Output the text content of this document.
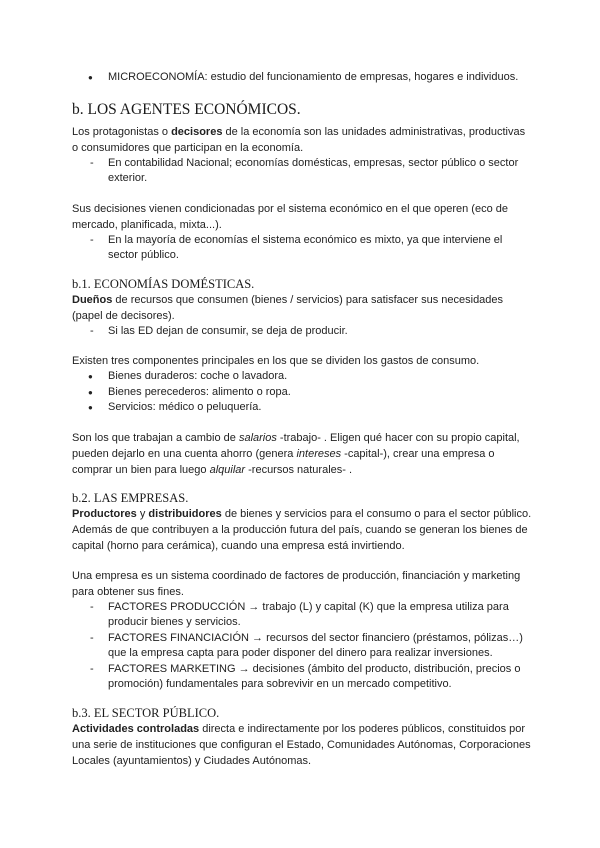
● MICROECONOMÍA: estudio del funcionamiento de empresas, hogares e individuos.
b. LOS AGENTES ECONÓMICOS.

Los protagonistas o decisores de la economía son las unidades administrativas, productivas o consumidores que participan en la economía.

- En contabilidad Nacional; economías domésticas, empresas, sector público o sector exterior.

Sus decisiones vienen condicionadas por el sistema económico en el que operen (eco de mercado, planificada, mixta...).

- En la mayoría de economías el sistema económico es mixto, ya que interviene el sector público.
b.1. ECONOMÍAS DOMÉSTICAS.

Dueños de recursos que consumen (bienes / servicios) para satisfacer sus necesidades (papel de decisores).

- Si las ED dejan de consumir, se deja de producir.

Existen tres componentes principales en los que se dividen los gastos de consumo.

● Bienes duraderos: coche o lavadora.
● Bienes perecederos: alimento o ropa.
● Servicios: médico o peluquería.

Son los que trabajan a cambio de salarios -trabajo- . Eligen qué hacer con su propio capital, pueden dejarlo en una cuenta ahorro (genera intereses -capital-), crear una empresa o comprar un bien para luego alquilar -recursos naturales- .

b.2. LAS EMPRESAS.

Productores y distribuidores de bienes y servicios para el consumo o para el sector público. Además de que contribuyen a la producción futura del país, cuando se generan los bienes de capital (horno para cerámica), cuando una empresa está invirtiendo.

Una empresa es un sistema coordinado de factores de producción, financiación y marketing para obtener sus fines.

- FACTORES PRODUCCIÓN → trabajo (L) y capital (K) que la empresa utiliza para producir bienes y servicios.
- FACTORES FINANCIACIÓN → recursos del sector financiero (préstamos, pólizas…) que la empresa capta para poder disponer del dinero para realizar inversiones.
- FACTORES MARKETING → decisiones (ámbito del producto, distribución, precios o promoción) fundamentales para sobrevivir en un mercado competitivo.
b.3. EL SECTOR PÚBLICO.

Actividades controladas directa e indirectamente por los poderes públicos, constituidos por una serie de instituciones que configuran el Estado, Comunidades Autónomas, Corporaciones Locales (ayuntamientos) y Ciudades Autónomas.
